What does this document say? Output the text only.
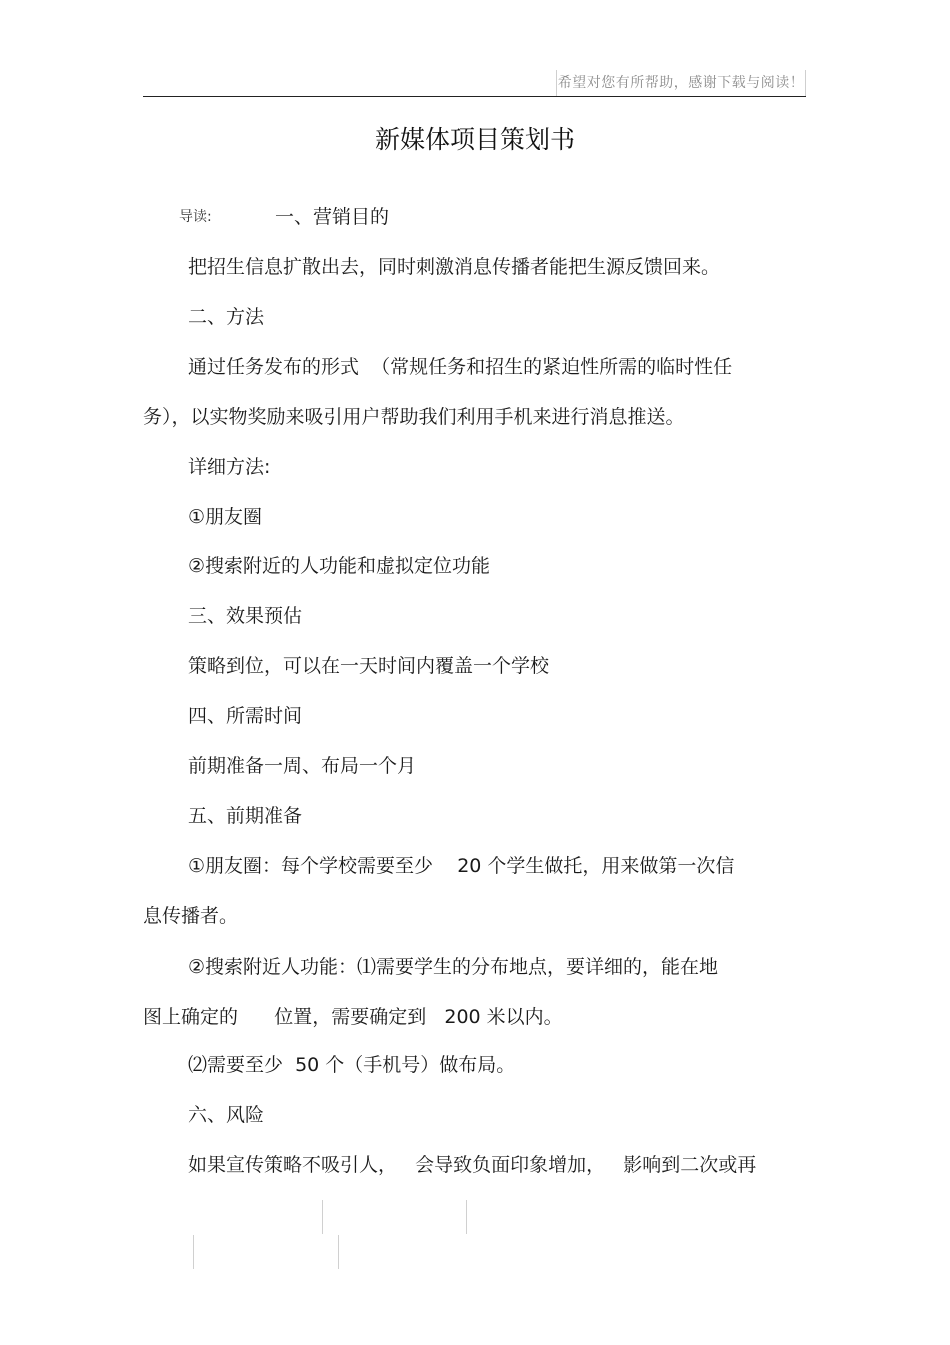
希望对您有所帮助，感谢下载与阅读！
新媒体项目策划书
导读:	一、营销目的
把招生信息扩散出去，同时刺激消息传播者能把生源反馈回来。
二、方法
通过任务发布的形式  （常规任务和招生的紧迫性所需的临时性任
务），以实物奖励来吸引用户帮助我们利用手机来进行消息推送。
详细方法:
①朋友圈
②搜索附近的人功能和虚拟定位功能
三、效果预估
策略到位，可以在一天时间内覆盖一个学校
四、所需时间
前期准备一周、布局一个月
五、前期准备
①朋友圈：每个学校需要至少    20 个学生做托，用来做第一次信
息传播者。
②搜索附近人功能：⑴需要学生的分布地点，要详细的，能在地
图上确定的      位置，需要确定到   200 米以内。
⑵需要至少  50 个（手机号）做布局。
六、风险
如果宣传策略不吸引人，   会导致负面印象增加，   影响到二次或再
